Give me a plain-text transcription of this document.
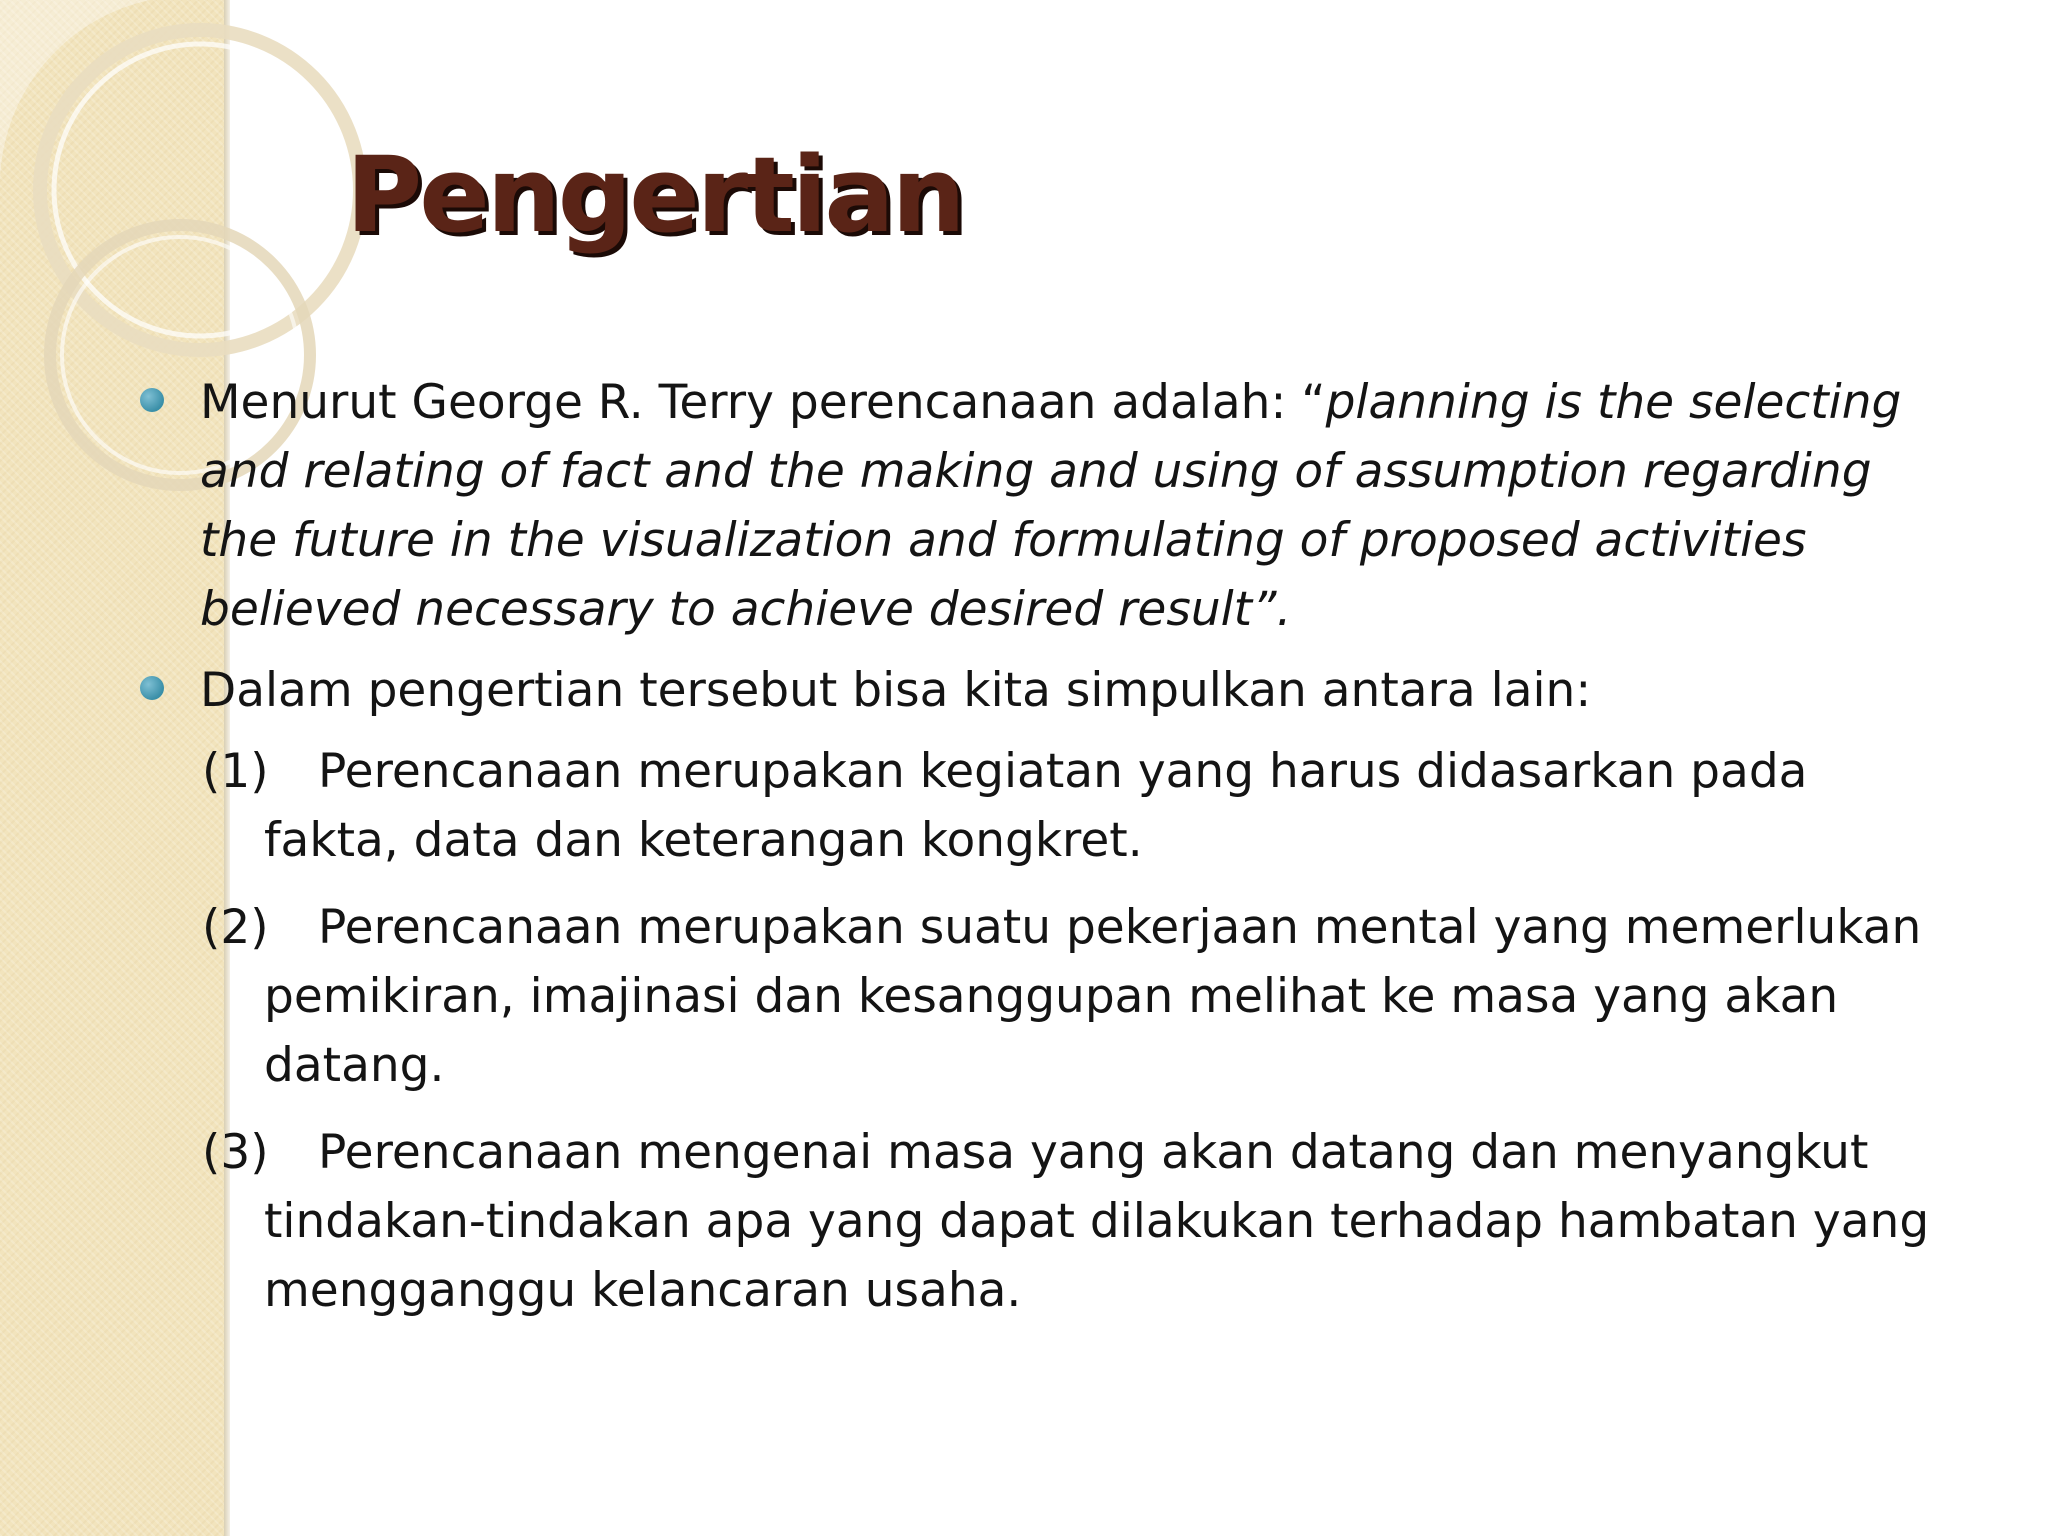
Pengertian
Menurut George R. Terry perencanaan adalah: “planning is the selecting and relating of fact and the making and using of assumption regarding the future in the visualization and formulating of proposed activities believed necessary to achieve desired result”.
Dalam pengertian tersebut bisa kita simpulkan antara lain:
(1) Perencanaan merupakan kegiatan yang harus didasarkan pada fakta, data dan keterangan kongkret.
(2) Perencanaan merupakan suatu pekerjaan mental yang memerlukan pemikiran, imajinasi dan kesanggupan melihat ke masa yang akan datang.
(3) Perencanaan mengenai masa yang akan datang dan menyangkut tindakan-tindakan apa yang dapat dilakukan terhadap hambatan yang mengganggu kelancaran usaha.
